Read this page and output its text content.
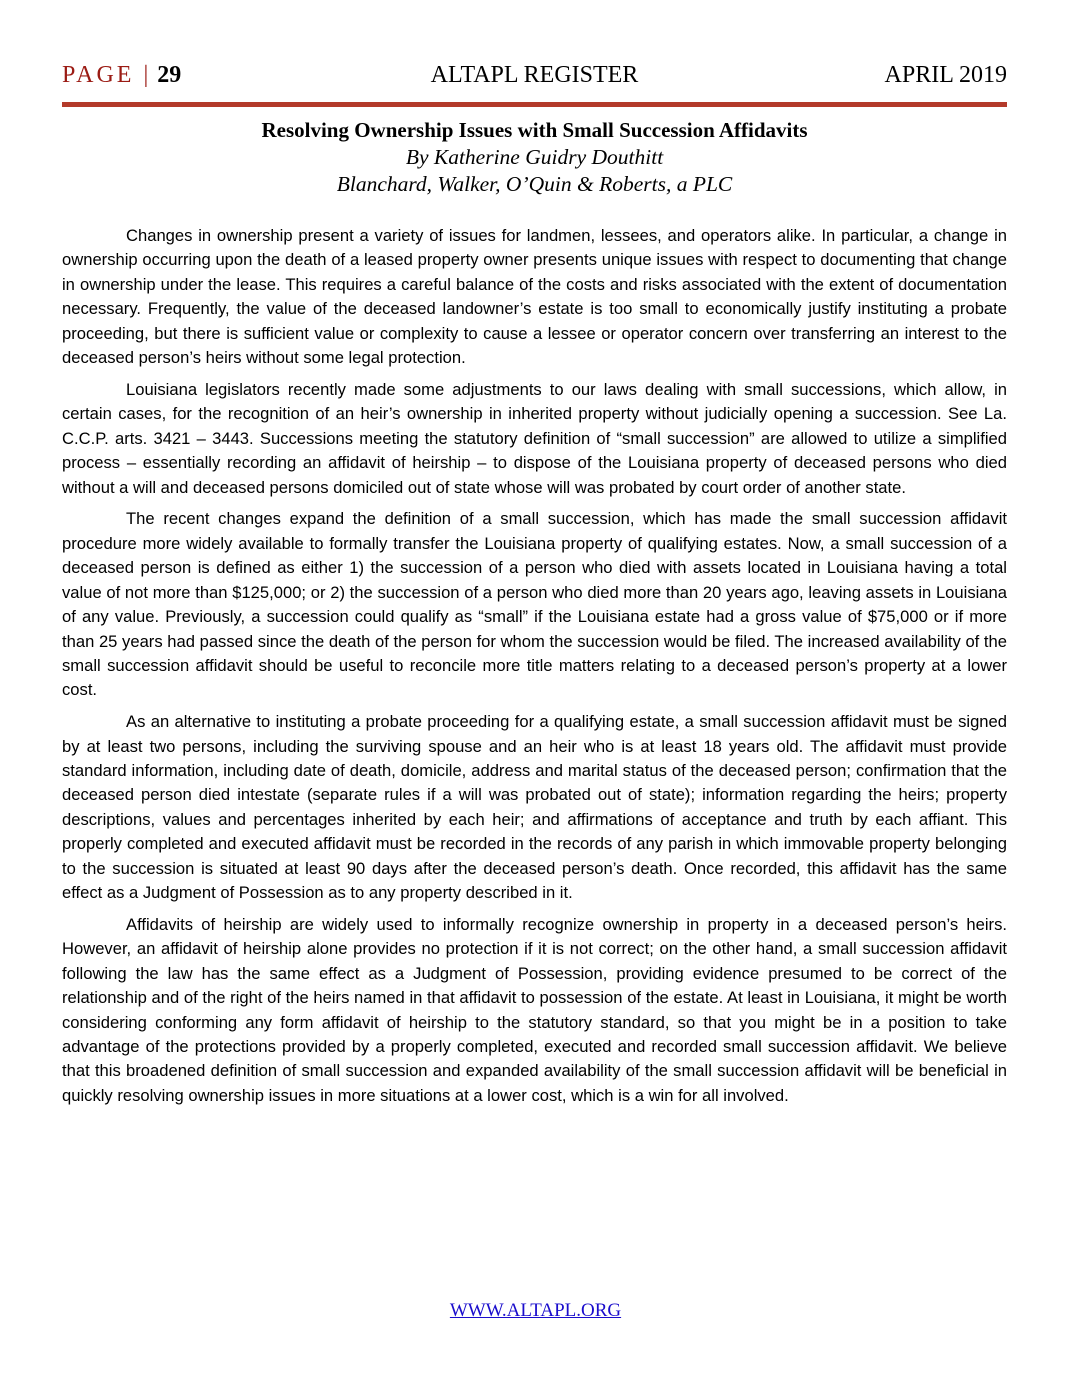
PAGE | 29	ALTAPL REGISTER	APRIL 2019
Resolving Ownership Issues with Small Succession Affidavits
By Katherine Guidry Douthitt
Blanchard, Walker, O’Quin & Roberts, a PLC

Changes in ownership present a variety of issues for landmen, lessees, and operators alike. In particular, a change in ownership occurring upon the death of a leased property owner presents unique issues with respect to documenting that change in ownership under the lease. This requires a careful balance of the costs and risks associated with the extent of documentation necessary. Frequently, the value of the deceased landowner’s estate is too small to economically justify instituting a probate proceeding, but there is sufficient value or complexity to cause a lessee or operator concern over transferring an interest to the deceased person’s heirs without some legal protection.

Louisiana legislators recently made some adjustments to our laws dealing with small successions, which allow, in certain cases, for the recognition of an heir’s ownership in inherited property without judicially opening a succession. See La. C.C.P. arts. 3421 – 3443. Successions meeting the statutory definition of “small succession” are allowed to utilize a simplified process – essentially recording an affidavit of heirship – to dispose of the Louisiana property of deceased persons who died without a will and deceased persons domiciled out of state whose will was probated by court order of another state.

The recent changes expand the definition of a small succession, which has made the small succession affidavit procedure more widely available to formally transfer the Louisiana property of qualifying estates. Now, a small succession of a deceased person is defined as either 1) the succession of a person who died with assets located in Louisiana having a total value of not more than $125,000; or 2) the succession of a person who died more than 20 years ago, leaving assets in Louisiana of any value. Previously, a succession could qualify as “small” if the Louisiana estate had a gross value of $75,000 or if more than 25 years had passed since the death of the person for whom the succession would be filed. The increased availability of the small succession affidavit should be useful to reconcile more title matters relating to a deceased person’s property at a lower cost.

As an alternative to instituting a probate proceeding for a qualifying estate, a small succession affidavit must be signed by at least two persons, including the surviving spouse and an heir who is at least 18 years old. The affidavit must provide standard information, including date of death, domicile, address and marital status of the deceased person; confirmation that the deceased person died intestate (separate rules if a will was probated out of state); information regarding the heirs; property descriptions, values and percentages inherited by each heir; and affirmations of acceptance and truth by each affiant. This properly completed and executed affidavit must be recorded in the records of any parish in which immovable property belonging to the succession is situated at least 90 days after the deceased person’s death. Once recorded, this affidavit has the same effect as a Judgment of Possession as to any property described in it.

Affidavits of heirship are widely used to informally recognize ownership in property in a deceased person’s heirs. However, an affidavit of heirship alone provides no protection if it is not correct; on the other hand, a small succession affidavit following the law has the same effect as a Judgment of Possession, providing evidence presumed to be correct of the relationship and of the right of the heirs named in that affidavit to possession of the estate. At least in Louisiana, it might be worth considering conforming any form affidavit of heirship to the statutory standard, so that you might be in a position to take advantage of the protections provided by a properly completed, executed and recorded small succession affidavit. We believe that this broadened definition of small succession and expanded availability of the small succession affidavit will be beneficial in quickly resolving ownership issues in more situations at a lower cost, which is a win for all involved.

WWW.ALTAPL.ORG
